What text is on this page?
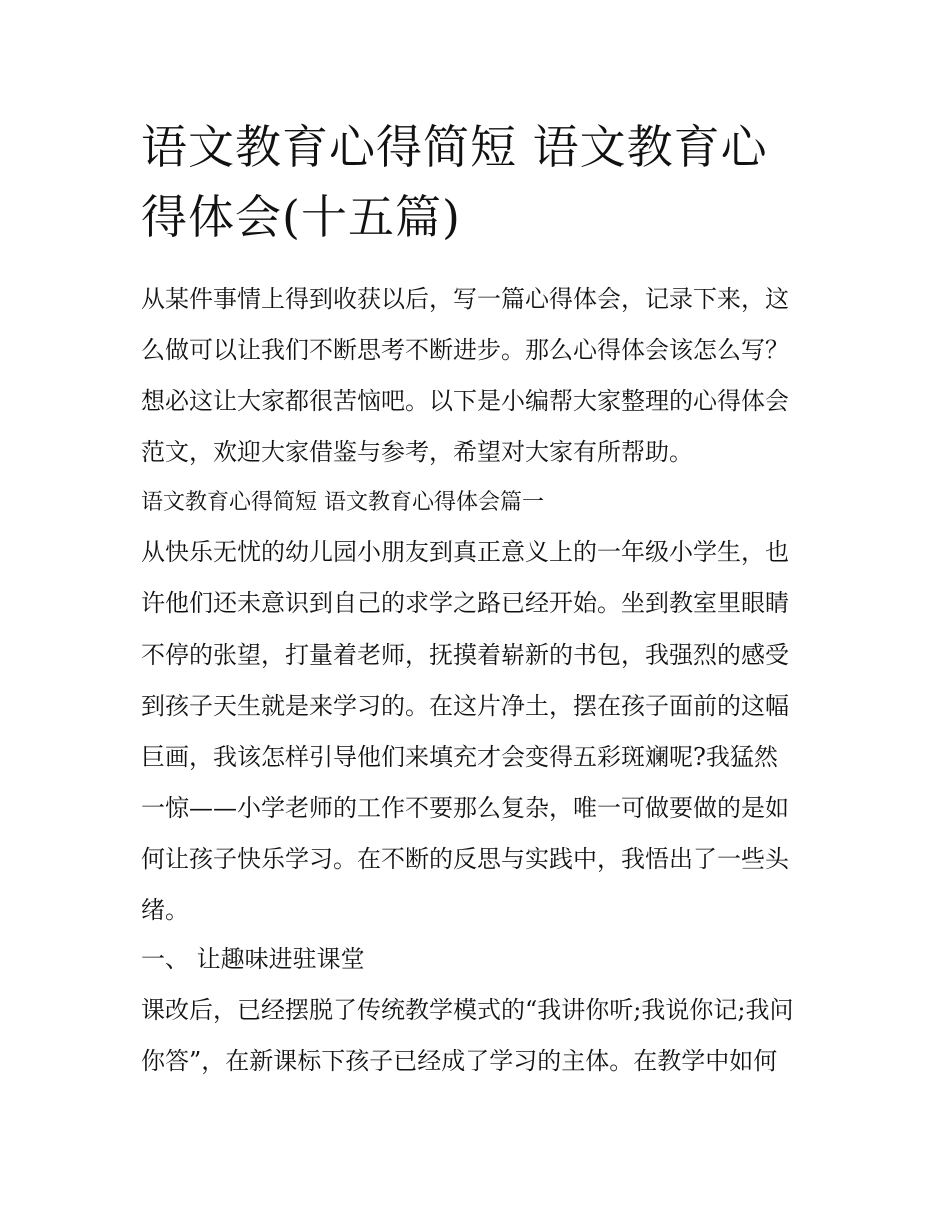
语文教育心得简短 语文教育心
得体会(十五篇)

从某件事情上得到收获以后，写一篇心得体会，记录下来，这

么做可以让我们不断思考不断进步。那么心得体会该怎么写？

想必这让大家都很苦恼吧。以下是小编帮大家整理的心得体会

范文，欢迎大家借鉴与参考，希望对大家有所帮助。

语文教育心得简短 语文教育心得体会篇一

从快乐无忧的幼儿园小朋友到真正意义上的一年级小学生，也

许他们还未意识到自己的求学之路已经开始。坐到教室里眼睛

不停的张望，打量着老师，抚摸着崭新的书包，我强烈的感受

到孩子天生就是来学习的。在这片净土，摆在孩子面前的这幅

巨画，我该怎样引导他们来填充才会变得五彩斑斓呢?我猛然

一惊——小学老师的工作不要那么复杂，唯一可做要做的是如

何让孩子快乐学习。在不断的反思与实践中，我悟出了一些头

绪。

一、 让趣味进驻课堂

课改后，已经摆脱了传统教学模式的“我讲你听;我说你记;我问

你答”，在新课标下孩子已经成了学习的主体。在教学中如何
